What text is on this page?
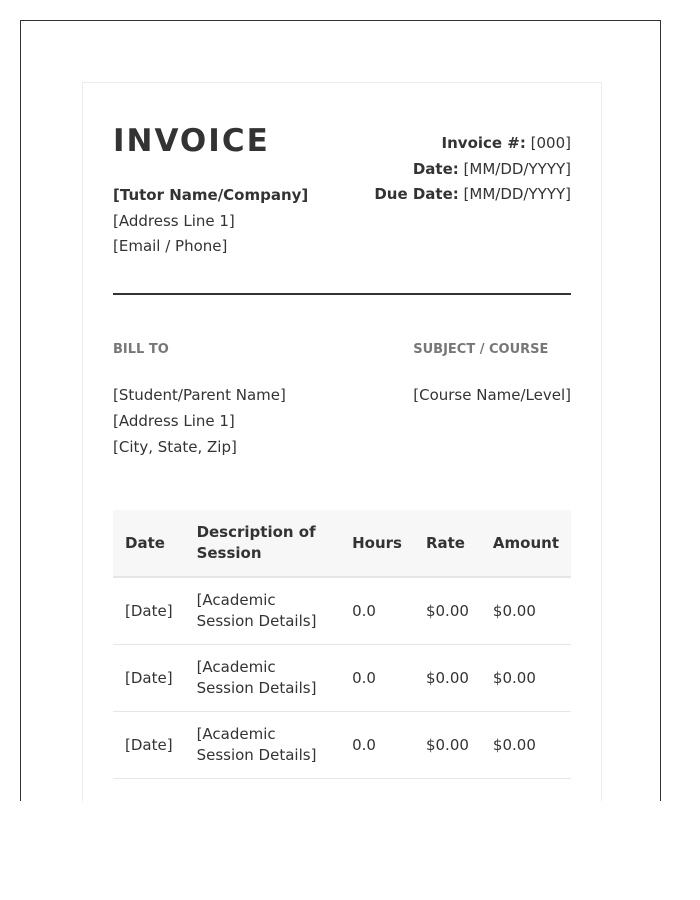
INVOICE
[Tutor Name/Company]
[Address Line 1]
[Email / Phone]
Invoice #: [000]
Date: [MM/DD/YYYY]
Due Date: [MM/DD/YYYY]
BILL TO
[Student/Parent Name]
[Address Line 1]
[City, State, Zip]
SUBJECT / COURSE
[Course Name/Level]
Date	Description of Session	Hours	Rate	Amount
[Date]	[Academic Session Details]	0.0	$0.00	$0.00
[Date]	[Academic Session Details]	0.0	$0.00	$0.00
[Date]	[Academic Session Details]	0.0	$0.00	$0.00
